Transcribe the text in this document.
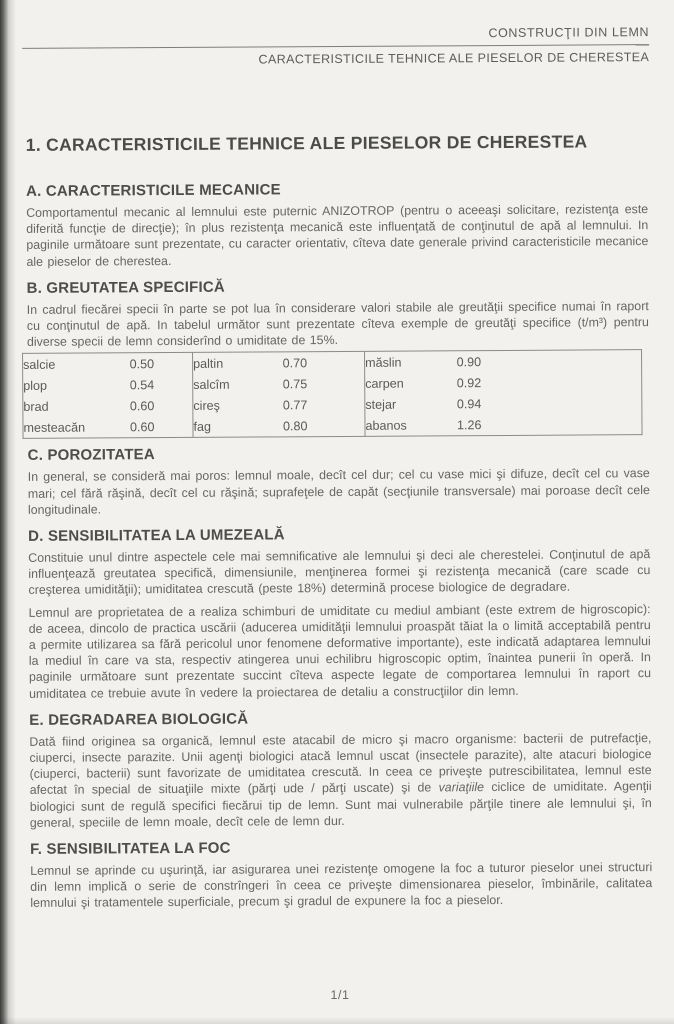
CONSTRUCŢII DIN LEMN
CARACTERISTICILE TEHNICE ALE PIESELOR DE CHERESTEA
1. CARACTERISTICILE TEHNICE ALE PIESELOR DE CHERESTEA
A. CARACTERISTICILE MECANICE

Comportamentul mecanic al lemnului este puternic ANIZOTROP (pentru o aceeaşi solicitare, rezistenţa este diferită funcţie de direcţie); în plus rezistenţa mecanică este influenţată de conţinutul de apă al lemnului. In paginile următoare sunt prezentate, cu caracter orientativ, cîteva date generale privind caracteristicile mecanice ale pieselor de cherestea.

B. GREUTATEA SPECIFICĂ

In cadrul fiecărei specii în parte se pot lua în considerare valori stabile ale greutăţii specifice numai în raport cu conţinutul de apă. In tabelul următor sunt prezentate cîteva exemple de greutăţi specifice (t/m³) pentru diverse specii de lemn considerînd o umiditate de 15%.

salcie	0.50	paltin	0.70	măslin	0.90
plop	0.54	salcîm	0.75	carpen	0.92
brad	0.60	cireş	0.77	stejar	0.94
mesteacăn	0.60	fag	0.80	abanos	1.26
C. POROZITATEA

In general, se consideră mai poros: lemnul moale, decît cel dur; cel cu vase mici şi difuze, decît cel cu vase mari; cel fără răşină, decît cel cu răşină; suprafeţele de capăt (secţiunile transversale) mai poroase decît cele longitudinale.

D. SENSIBILITATEA LA UMEZEALĂ

Constituie unul dintre aspectele cele mai semnificative ale lemnului şi deci ale cherestelei. Conţinutul de apă influenţează greutatea specifică, dimensiunile, menţinerea formei şi rezistenţa mecanică (care scade cu creşterea umidităţii); umiditatea crescută (peste 18%) determină procese biologice de degradare.

Lemnul are proprietatea de a realiza schimburi de umiditate cu mediul ambiant (este extrem de higroscopic): de aceea, dincolo de practica uscării (aducerea umidităţii lemnului proaspăt tăiat la o limită acceptabilă pentru a permite utilizarea sa fără pericolul unor fenomene deformative importante), este indicată adaptarea lemnului la mediul în care va sta, respectiv atingerea unui echilibru higroscopic optim, înaintea punerii în operă. In paginile următoare sunt prezentate succint cîteva aspecte legate de comportarea lemnului în raport cu umiditatea ce trebuie avute în vedere la proiectarea de detaliu a construcţiilor din lemn.

E. DEGRADAREA BIOLOGICĂ

Dată fiind originea sa organică, lemnul este atacabil de micro şi macro organisme: bacterii de putrefacţie, ciuperci, insecte parazite. Unii agenţi biologici atacă lemnul uscat (insectele parazite), alte atacuri biologice (ciuperci, bacterii) sunt favorizate de umiditatea crescută. In ceea ce priveşte putrescibilitatea, lemnul este afectat în special de situaţiile mixte (părţi ude / părţi uscate) şi de variaţiile ciclice de umiditate. Agenţii biologici sunt de regulă specifici fiecărui tip de lemn. Sunt mai vulnerabile părţile tinere ale lemnului şi, în general, speciile de lemn moale, decît cele de lemn dur.

F. SENSIBILITATEA LA FOC

Lemnul se aprinde cu uşurinţă, iar asigurarea unei rezistenţe omogene la foc a tuturor pieselor unei structuri din lemn implică o serie de constrîngeri în ceea ce priveşte dimensionarea pieselor, îmbinările, calitatea lemnului şi tratamentele superficiale, precum şi gradul de expunere la foc a pieselor.

1/1
